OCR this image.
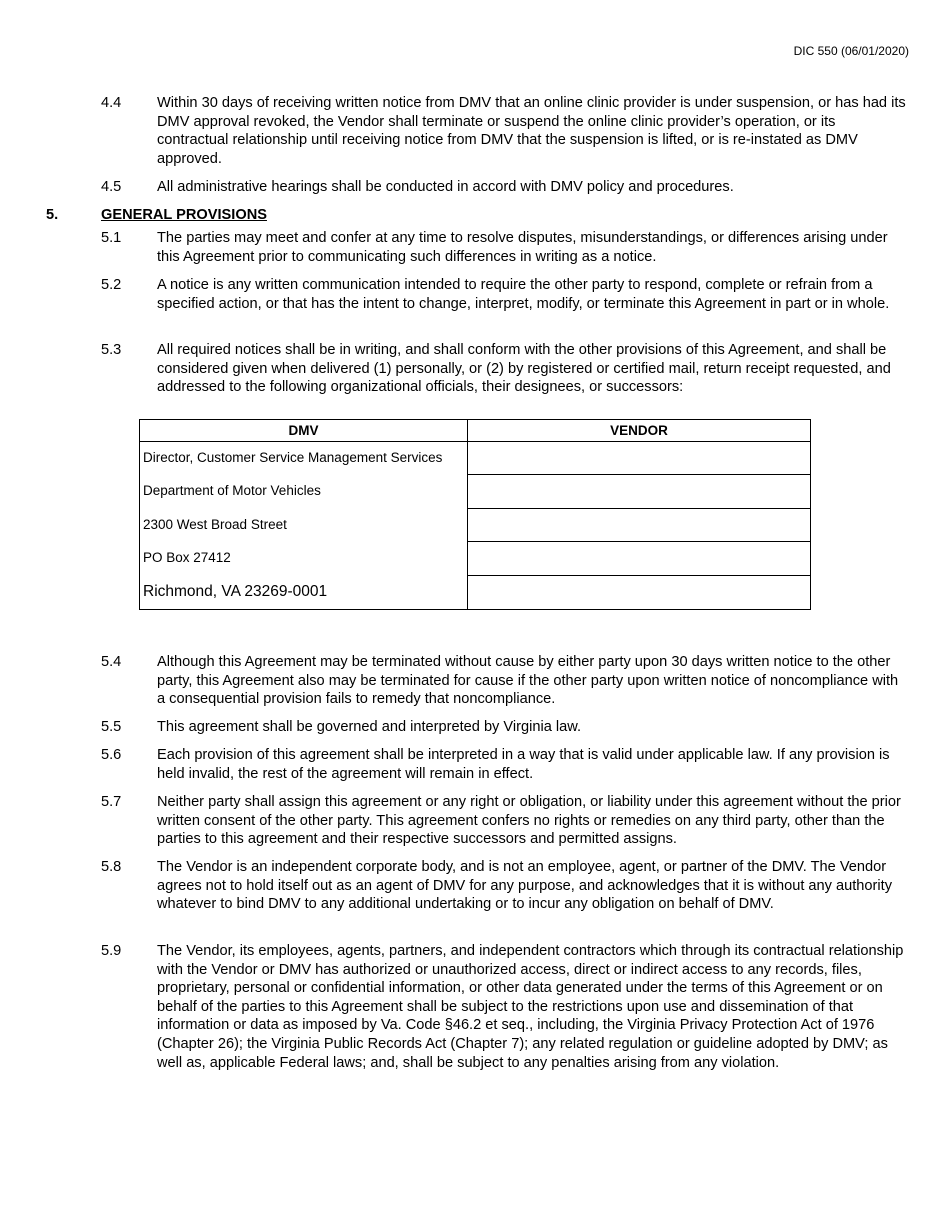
DIC 550 (06/01/2020)
4.4	Within 30 days of receiving written notice from DMV that an online clinic provider is under suspension, or has had its DMV approval revoked, the Vendor shall terminate or suspend the online clinic provider’s operation, or its contractual relationship until receiving notice from DMV that the suspension is lifted, or is re-instated as DMV approved.
4.5	All administrative hearings shall be conducted in accord with DMV policy and procedures.
5.	GENERAL PROVISIONS
5.1	The parties may meet and confer at any time to resolve disputes, misunderstandings, or differences arising under this Agreement prior to communicating such differences in writing as a notice.
5.2	A notice is any written communication intended to require the other party to respond, complete or refrain from a specified action, or that has the intent to change, interpret, modify, or terminate this Agreement in part or in whole.
5.3	All required notices shall be in writing, and shall conform with the other provisions of this Agreement, and shall be considered given when delivered (1) personally, or (2) by registered or certified mail, return receipt requested, and addressed to the following organizational officials, their designees, or successors:
DMV	VENDOR

Director, Customer Service Management Services
Department of Motor Vehicles
2300 West Broad Street
PO Box 27412
Richmond, VA 23269-0001	

5.4	Although this Agreement may be terminated without cause by either party upon 30 days written notice to the other party, this Agreement also may be terminated for cause if the other party upon written notice of noncompliance with a consequential provision fails to remedy that noncompliance.
5.5	This agreement shall be governed and interpreted by Virginia law.
5.6	Each provision of this agreement shall be interpreted in a way that is valid under applicable law. If any provision is held invalid, the rest of the agreement will remain in effect.
5.7	Neither party shall assign this agreement or any right or obligation, or liability under this agreement without the prior written consent of the other party. This agreement confers no rights or remedies on any third party, other than the parties to this agreement and their respective successors and permitted assigns.
5.8	The Vendor is an independent corporate body, and is not an employee, agent, or partner of the DMV. The Vendor agrees not to hold itself out as an agent of DMV for any purpose, and acknowledges that it is without any authority whatever to bind DMV to any additional undertaking or to incur any obligation on behalf of DMV.
5.9	The Vendor, its employees, agents, partners, and independent contractors which through its contractual relationship with the Vendor or DMV has authorized or unauthorized access, direct or indirect access to any records, files, proprietary, personal or confidential information, or other data generated under the terms of this Agreement or on behalf of the parties to this Agreement shall be subject to the restrictions upon use and dissemination of that information or data as imposed by Va. Code §46.2 et seq., including, the Virginia Privacy Protection Act of 1976 (Chapter 26); the Virginia Public Records Act (Chapter 7); any related regulation or guideline adopted by DMV; as well as, applicable Federal laws; and, shall be subject to any penalties arising from any violation.
